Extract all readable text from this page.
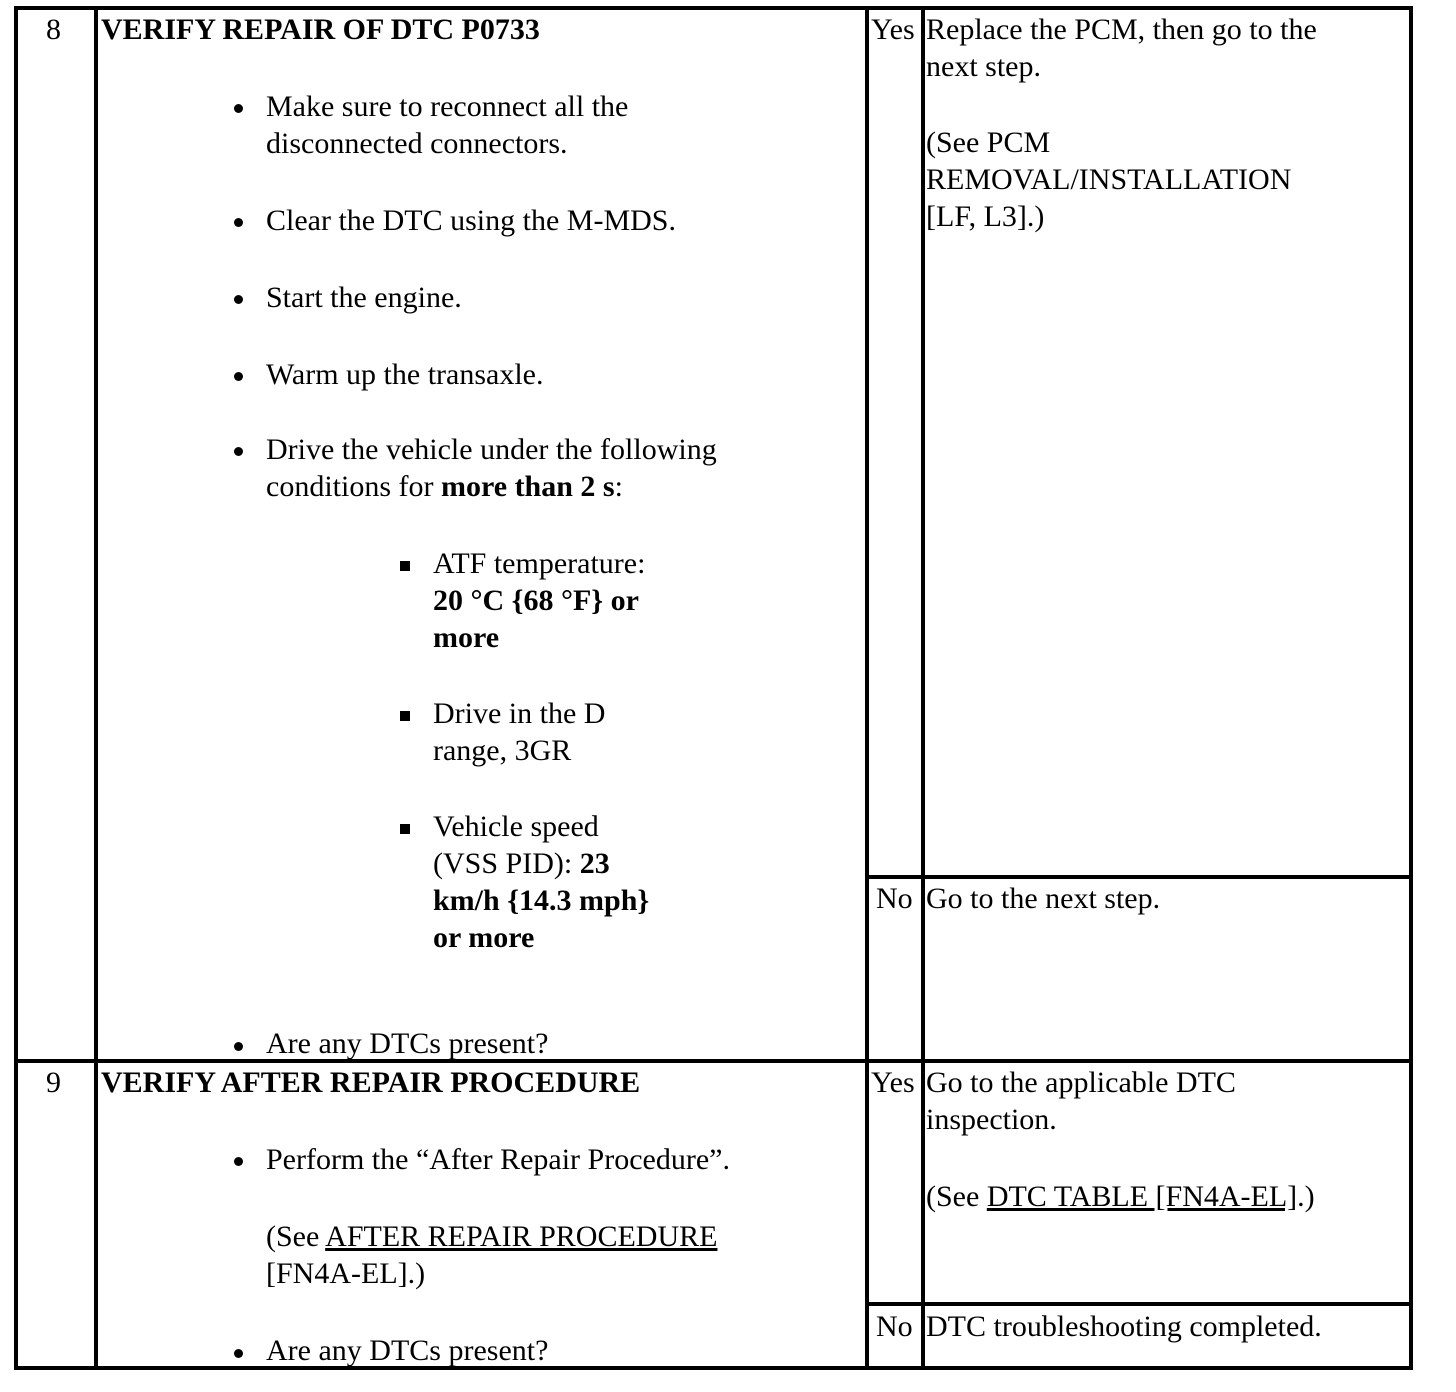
8 VERIFY REPAIR OF DTC P0733
Make sure to reconnect all the
disconnected connectors.
Clear the DTC using the M-MDS.
Start the engine.
Warm up the transaxle.
Drive the vehicle under the following
conditions for more than 2 s:
ATF temperature:
20 °C {68 °F} or
more
Drive in the D
range, 3GR
Vehicle speed
(VSS PID): 23
km/h {14.3 mph}
or more
Are any DTCs present?
Yes Replace the PCM, then go to the
next step.
(See PCM
REMOVAL/INSTALLATION
[LF, L3].)
No Go to the next step.
9 VERIFY AFTER REPAIR PROCEDURE
Perform the “After Repair Procedure”.
(See AFTER REPAIR PROCEDURE
[FN4A-EL].)
Are any DTCs present?
Yes Go to the applicable DTC
inspection.
(See DTC TABLE [FN4A-EL].)
No DTC troubleshooting completed.
